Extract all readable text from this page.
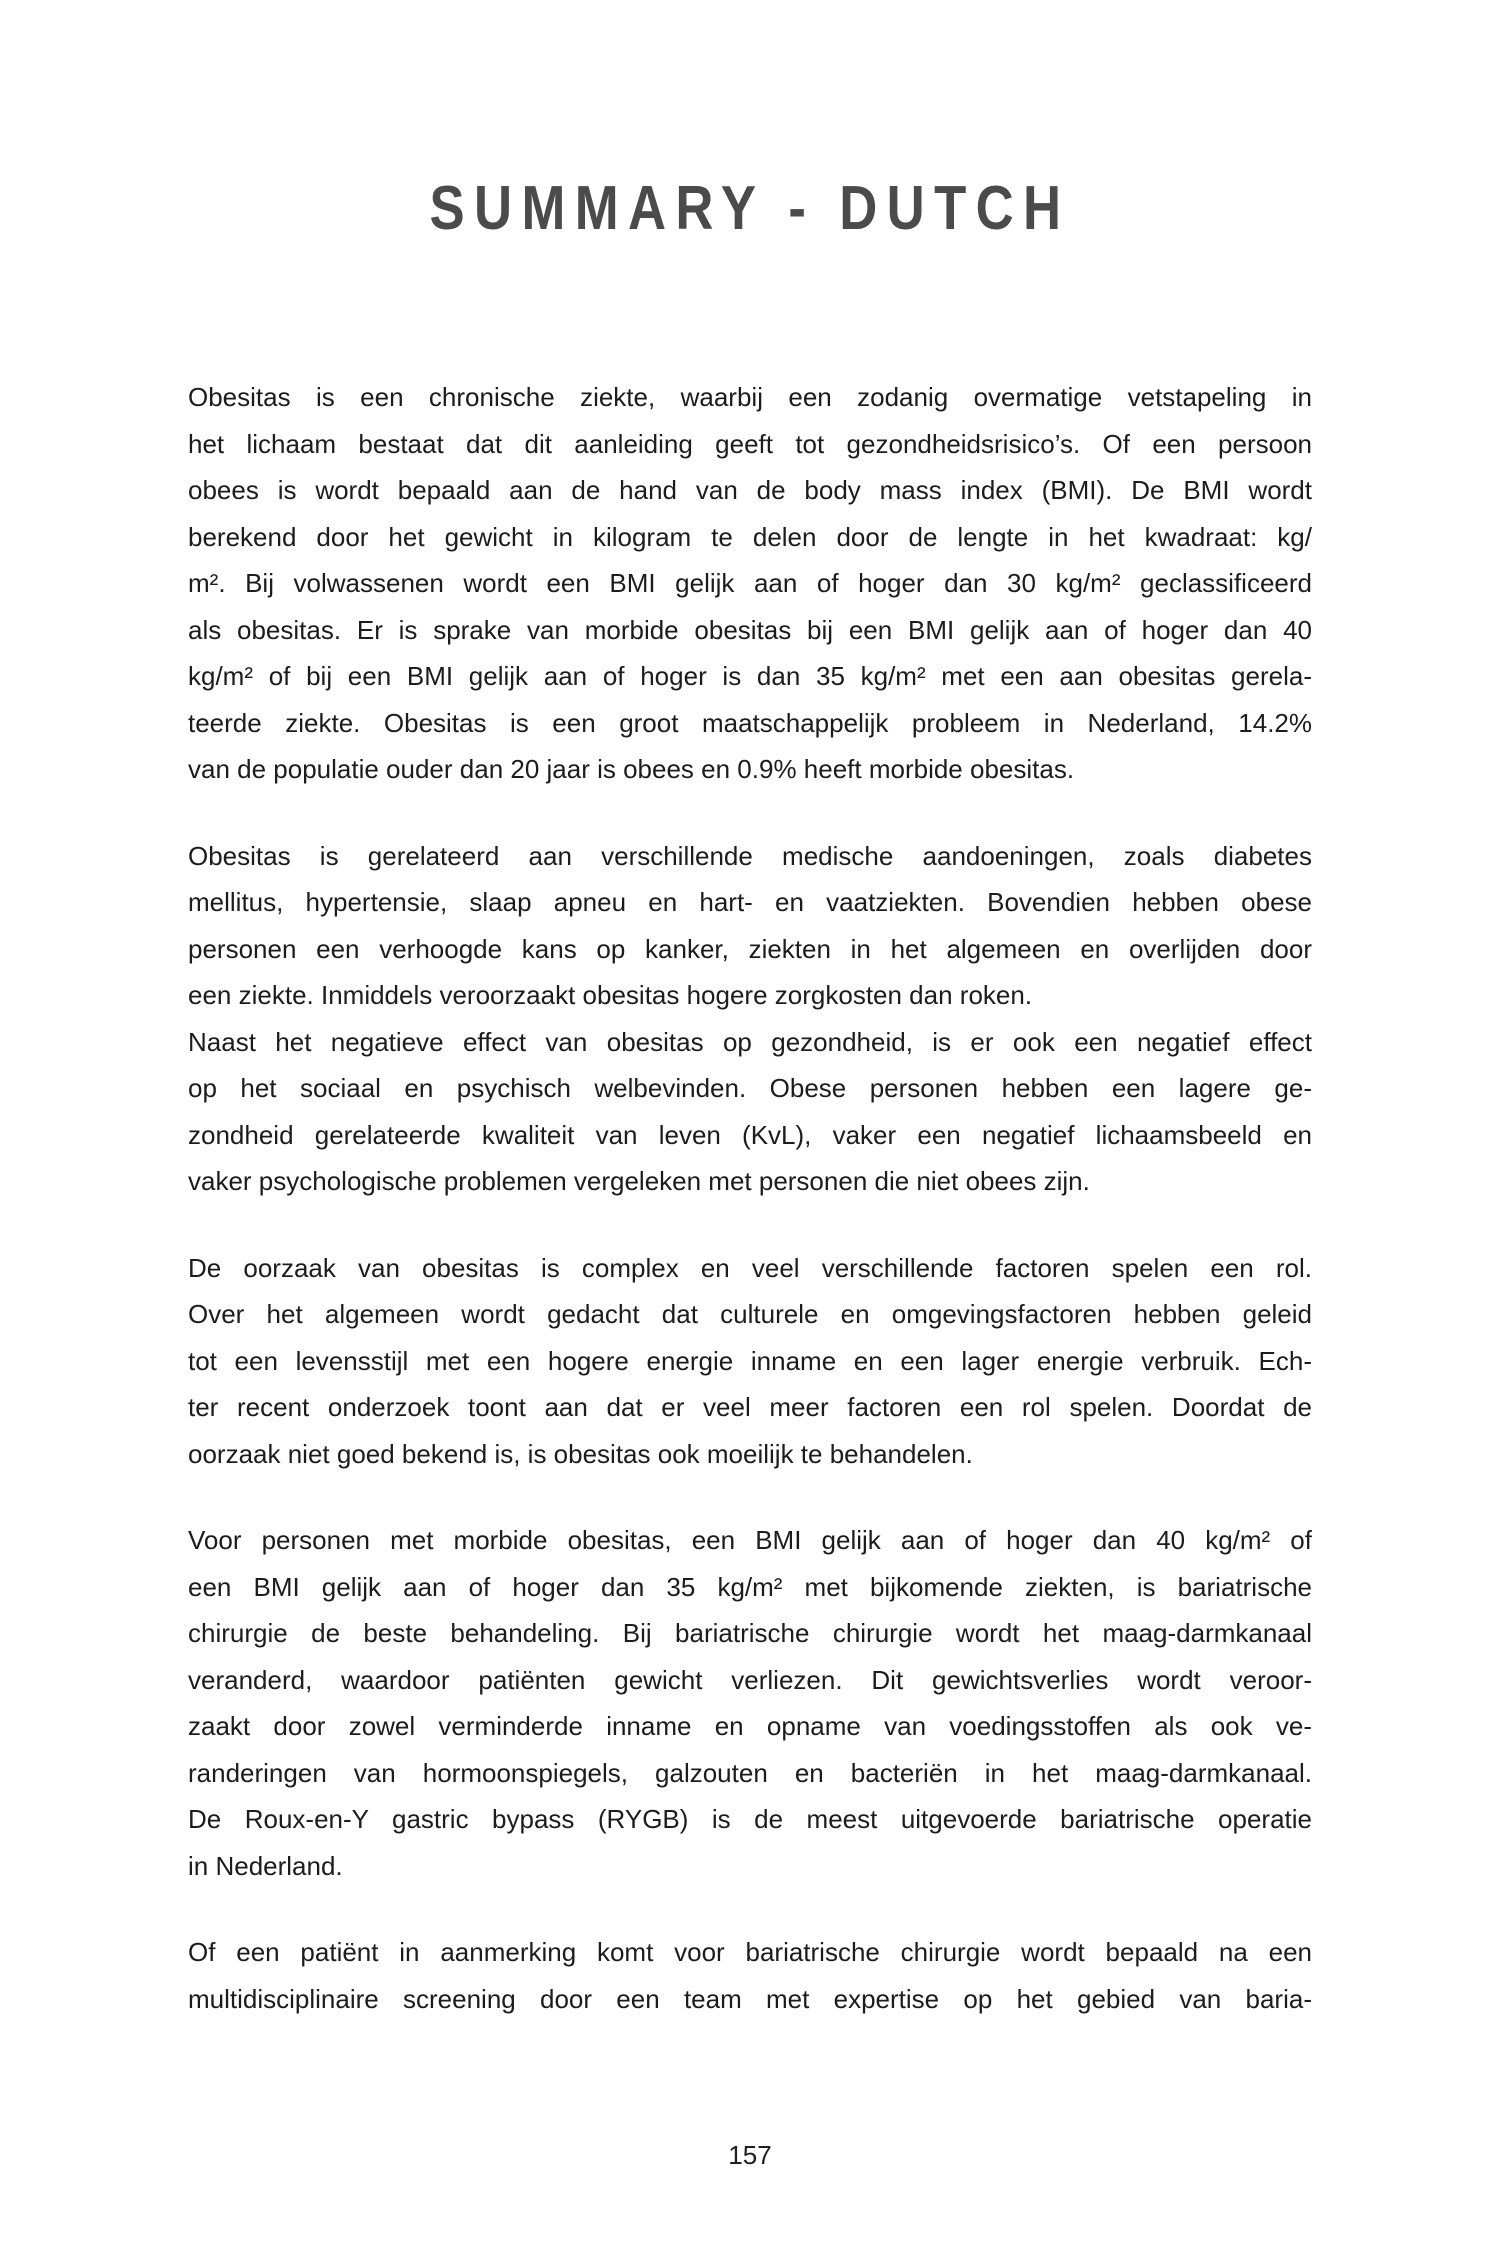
SUMMARY - DUTCH

Obesitas is een chronische ziekte, waarbij een zodanig overmatige vetstapeling in
het lichaam bestaat dat dit aanleiding geeft tot gezondheidsrisico’s. Of een persoon
obees is wordt bepaald aan de hand van de body mass index (BMI). De BMI wordt
berekend door het gewicht in kilogram te delen door de lengte in het kwadraat: kg/
m². Bij volwassenen wordt een BMI gelijk aan of hoger dan 30 kg/m² geclassificeerd
als obesitas. Er is sprake van morbide obesitas bij een BMI gelijk aan of hoger dan 40
kg/m² of bij een BMI gelijk aan of hoger is dan 35 kg/m² met een aan obesitas gerela-
teerde ziekte. Obesitas is een groot maatschappelijk probleem in Nederland, 14.2%
van de populatie ouder dan 20 jaar is obees en 0.9% heeft morbide obesitas.

Obesitas is gerelateerd aan verschillende medische aandoeningen, zoals diabetes
mellitus, hypertensie, slaap apneu en hart- en vaatziekten. Bovendien hebben obese
personen een verhoogde kans op kanker, ziekten in het algemeen en overlijden door
een ziekte. Inmiddels veroorzaakt obesitas hogere zorgkosten dan roken.
Naast het negatieve effect van obesitas op gezondheid, is er ook een negatief effect
op het sociaal en psychisch welbevinden. Obese personen hebben een lagere ge-
zondheid gerelateerde kwaliteit van leven (KvL), vaker een negatief lichaamsbeeld en
vaker psychologische problemen vergeleken met personen die niet obees zijn.

De oorzaak van obesitas is complex en veel verschillende factoren spelen een rol.
Over het algemeen wordt gedacht dat culturele en omgevingsfactoren hebben geleid
tot een levensstijl met een hogere energie inname en een lager energie verbruik. Ech-
ter recent onderzoek toont aan dat er veel meer factoren een rol spelen. Doordat de
oorzaak niet goed bekend is, is obesitas ook moeilijk te behandelen.

Voor personen met morbide obesitas, een BMI gelijk aan of hoger dan 40 kg/m² of
een BMI gelijk aan of hoger dan 35 kg/m² met bijkomende ziekten, is bariatrische
chirurgie de beste behandeling. Bij bariatrische chirurgie wordt het maag-darmkanaal
veranderd, waardoor patiënten gewicht verliezen. Dit gewichtsverlies wordt veroor-
zaakt door zowel verminderde inname en opname van voedingsstoffen als ook ve-
randeringen van hormoonspiegels, galzouten en bacteriën in het maag-darmkanaal.
De Roux-en-Y gastric bypass (RYGB) is de meest uitgevoerde bariatrische operatie
in Nederland.

Of een patiënt in aanmerking komt voor bariatrische chirurgie wordt bepaald na een
multidisciplinaire screening door een team met expertise op het gebied van baria-

157
